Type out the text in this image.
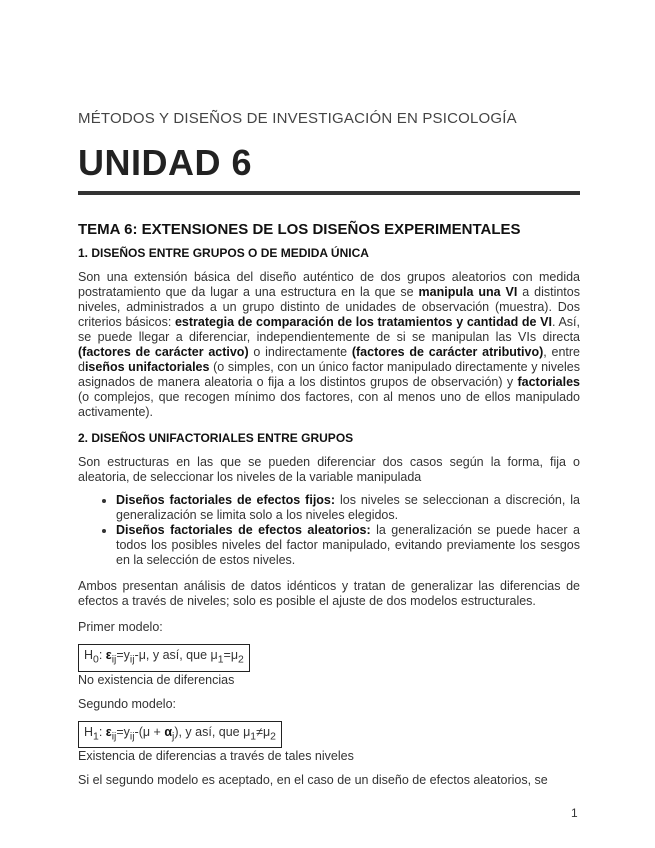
MÉTODOS Y DISEÑOS DE INVESTIGACIÓN EN PSICOLOGÍA
UNIDAD 6
TEMA 6: EXTENSIONES DE LOS DISEÑOS EXPERIMENTALES
1. DISEÑOS ENTRE GRUPOS O DE MEDIDA ÚNICA

Son una extensión básica del diseño auténtico de dos grupos aleatorios con medida postratamiento que da lugar a una estructura en la que se manipula una VI a distintos niveles, administrados a un grupo distinto de unidades de observación (muestra). Dos criterios básicos: estrategia de comparación de los tratamientos y cantidad de VI. Así, se puede llegar a diferenciar, independientemente de si se manipulan las VIs directa (factores de carácter activo) o indirectamente (factores de carácter atributivo), entre diseños unifactoriales (o simples, con un único factor manipulado directamente y niveles asignados de manera aleatoria o fija a los distintos grupos de observación) y factoriales (o complejos, que recogen mínimo dos factores, con al menos uno de ellos manipulado activamente).

2. DISEÑOS UNIFACTORIALES ENTRE GRUPOS

Son estructuras en las que se pueden diferenciar dos casos según la forma, fija o aleatoria, de seleccionar los niveles de la variable manipulada

• Diseños factoriales de efectos fijos: los niveles se seleccionan a discreción, la generalización se limita solo a los niveles elegidos.
• Diseños factoriales de efectos aleatorios: la generalización se puede hacer a todos los posibles niveles del factor manipulado, evitando previamente los sesgos en la selección de estos niveles.

Ambos presentan análisis de datos idénticos y tratan de generalizar las diferencias de efectos a través de niveles; solo es posible el ajuste de dos modelos estructurales.

Primer modelo:
$H_0$: $\varepsilon_{ij}=y_{ij}-\mu$, y así, que $\mu_1=\mu_2$
No existencia de diferencias
Segundo modelo:
$H_1$: $\varepsilon_{ij}=y_{ij}-(\mu + \alpha_j)$, y así, que $\mu_1\ne\mu_2$
Existencia de diferencias a través de tales niveles

Si el segundo modelo es aceptado, en el caso de un diseño de efectos aleatorios, se

1
